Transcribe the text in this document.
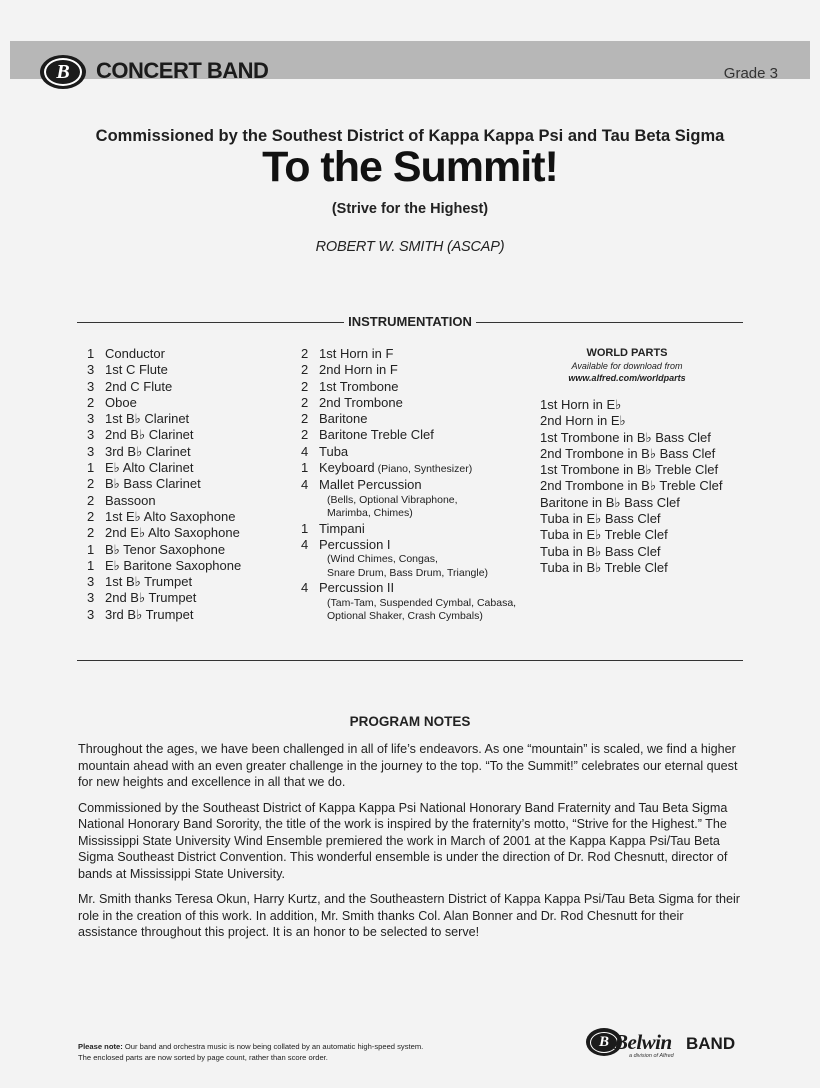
B	CONCERT BAND	Grade 3
Commissioned by the Southest District of Kappa Kappa Psi and Tau Beta Sigma
To the Summit!
(Strive for the Highest)
ROBERT W. SMITH (ASCAP)
INSTRUMENTATION
1 Conductor
3 1st C Flute
3 2nd C Flute
2 Oboe
3 1st B♭ Clarinet
3 2nd B♭ Clarinet
3 3rd B♭ Clarinet
1 E♭ Alto Clarinet
2 B♭ Bass Clarinet
2 Bassoon
2 1st E♭ Alto Saxophone
2 2nd E♭ Alto Saxophone
1 B♭ Tenor Saxophone
1 E♭ Baritone Saxophone
3 1st B♭ Trumpet
3 2nd B♭ Trumpet
3 3rd B♭ Trumpet
2 1st Horn in F
2 2nd Horn in F
2 1st Trombone
2 2nd Trombone
2 Baritone
2 Baritone Treble Clef
4 Tuba
1 Keyboard (Piano, Synthesizer)
4 Mallet Percussion
(Bells, Optional Vibraphone,
Marimba, Chimes)
1 Timpani
4 Percussion I
(Wind Chimes, Congas,
Snare Drum, Bass Drum, Triangle)
4 Percussion II
(Tam-Tam, Suspended Cymbal, Cabasa,
Optional Shaker, Crash Cymbals)
WORLD PARTS
Available for download from
www.alfred.com/worldparts
1st Horn in E♭
2nd Horn in E♭
1st Trombone in B♭ Bass Clef
2nd Trombone in B♭ Bass Clef
1st Trombone in B♭ Treble Clef
2nd Trombone in B♭ Treble Clef
Baritone in B♭ Bass Clef
Tuba in E♭ Bass Clef
Tuba in E♭ Treble Clef
Tuba in B♭ Bass Clef
Tuba in B♭ Treble Clef
PROGRAM NOTES

Throughout the ages, we have been challenged in all of life’s endeavors. As one “mountain” is scaled, we find a higher mountain ahead with an even greater challenge in the journey to the top. “To the Summit!” celebrates our eternal quest for new heights and excellence in all that we do.

Commissioned by the Southeast District of Kappa Kappa Psi National Honorary Band Fraternity and Tau Beta Sigma National Honorary Band Sorority, the title of the work is inspired by the fraternity’s motto, “Strive for the Highest.” The Mississippi State University Wind Ensemble premiered the work in March of 2001 at the Kappa Kappa Psi/Tau Beta Sigma Southeast District Convention. This wonderful ensemble is under the direction of Dr. Rod Chesnutt, director of bands at Mississippi State University.

Mr. Smith thanks Teresa Okun, Harry Kurtz, and the Southeastern District of Kappa Kappa Psi/Tau Beta Sigma for their role in the creation of this work. In addition, Mr. Smith thanks Col. Alan Bonner and Dr. Rod Chesnutt for their assistance throughout this project. It is an honor to be selected to serve!

Please note: Our band and orchestra music is now being collated by an automatic high-speed system.
The enclosed parts are now sorted by page count, rather than score order.
B Belwin BAND
a division of Alfred
